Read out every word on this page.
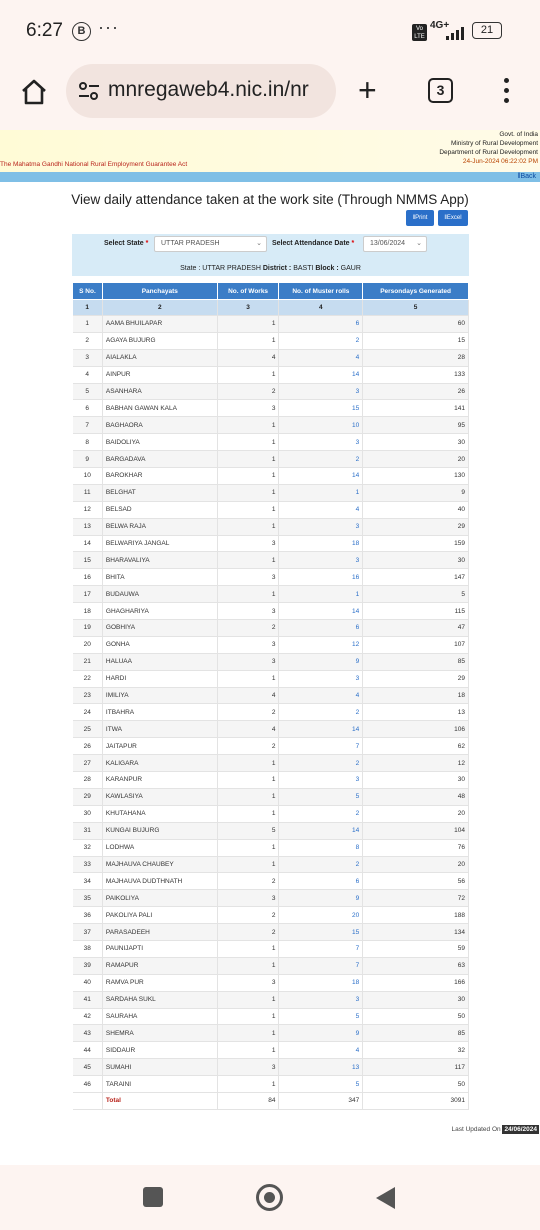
6:27	B ···	Vo LTE
4G+	21
mnregaweb4.nic.in/nr	+	3
Govt. of India
Ministry of Rural Development
Department of Rural Development
24-Jun-2024 06:22:02 PM
The Mahatma Gandhi National Rural Employment Guarantee Act
‖Back
View daily attendance taken at the work site (Through NMMS App)
‖Print	‖Excel
Select State *	UTTAR PRADESH	⌄ Select Attendance Date *	13/06/2024 ⌄
State : UTTAR PRADESH District : BASTI Block : GAUR
S No.	Panchayats	No. of Works	No. of Muster rolls	Persondays Generated
1	2	3	4	5
1	AAMA BHUILAPAR	1	6	60
2	AGAYA BUJURG	1	2	15
3	AIALAKLA	4	4	28
4	AINPUR	1	14	133
5	ASANHARA	2	3	26
6	BABHAN GAWAN KALA	3	15	141
7	BAGHAORA	1	10	95
8	BAIDOLIYA	1	3	30
9	BARGADAVA	1	2	20
10	BAROKHAR	1	14	130
11	BELGHAT	1	1	9
12	BELSAD	1	4	40
13	BELWA RAJA	1	3	29
14	BELWARIYA JANGAL	3	18	159
15	BHARAVALIYA	1	3	30
16	BHITA	3	16	147
17	BUDAUWA	1	1	5
18	GHAGHARIYA	3	14	115
19	GOBHIYA	2	6	47
20	GONHA	3	12	107
21	HALUAA	3	9	85
22	HARDI	1	3	29
23	IMILIYA	4	4	18
24	ITBAHRA	2	2	13
25	ITWA	4	14	106
26	JAITAPUR	2	7	62
27	KALIGARA	1	2	12
28	KARANPUR	1	3	30
29	KAWLASIYA	1	5	48
30	KHUTAHANA	1	2	20
31	KUNGAI BUJURG	5	14	104
32	LODHWA	1	8	76
33	MAJHAUVA CHAUBEY	1	2	20
34	MAJHAUVA DUDTHNATH	2	6	56
35	PAIKOLIYA	3	9	72
36	PAKOLIYA PALI	2	20	188
37	PARASADEEH	2	15	134
38	PAUNIJAPTI	1	7	59
39	RAMAPUR	1	7	63
40	RAMVA PUR	3	18	166
41	SARDAHA SUKL	1	3	30
42	SAURAHA	1	5	50
43	SHEMRA	1	9	85
44	SIDDAUR	1	4	32
45	SUMAHI	3	13	117
46	TARAINI	1	5	50
	Total	84	347	3091
Last Updated On 24/06/2024
